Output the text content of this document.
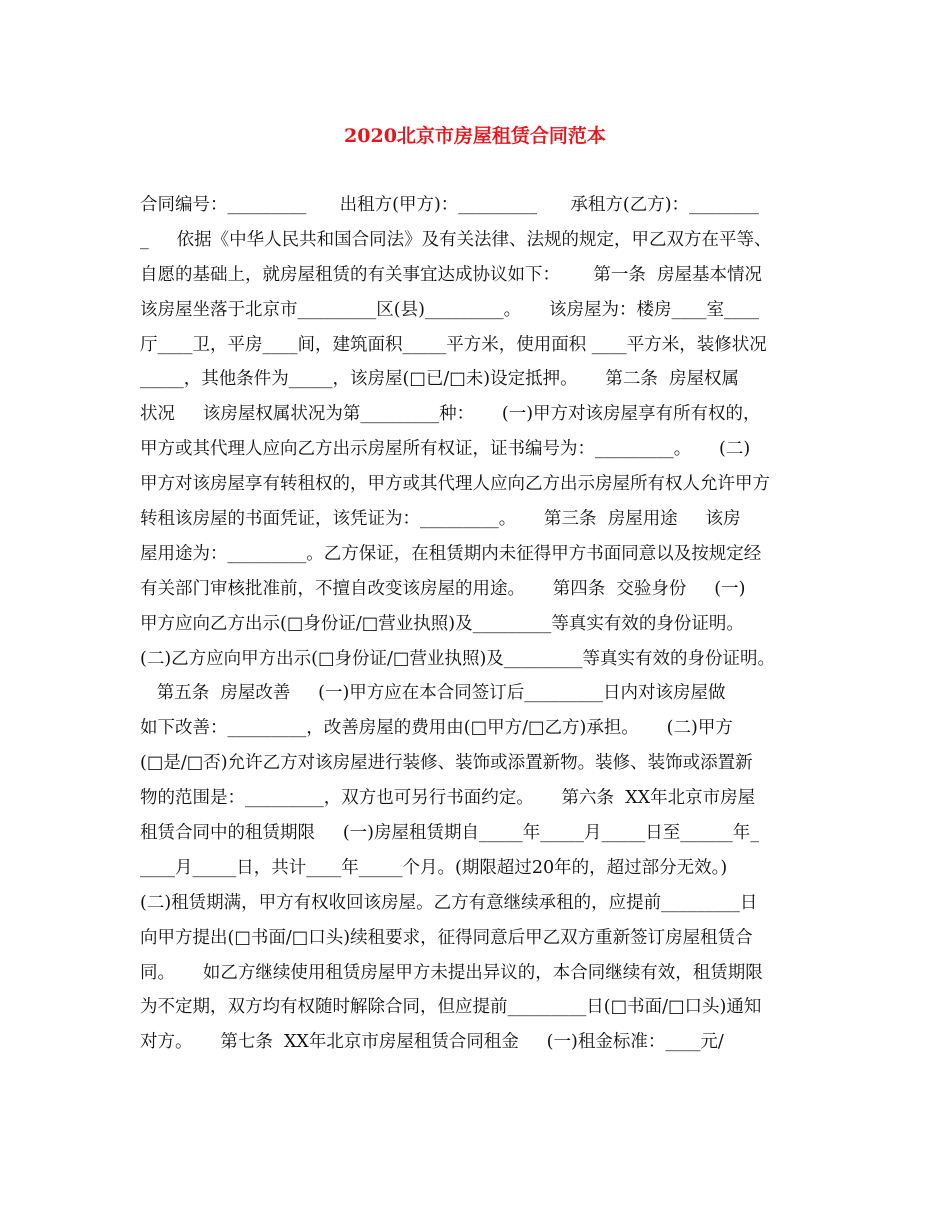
2020北京市房屋租赁合同范本
合同编号：_________      出租方(甲方)：_________      承租方(乙方)：________
_     依据《中华人民共和国合同法》及有关法律、法规的规定，甲乙双方在平等、
自愿的基础上，就房屋租赁的有关事宜达成协议如下：      第一条  房屋基本情况
该房屋坐落于北京市_________区(县)_________。     该房屋为：楼房____室____
厅____卫，平房____间，建筑面积_____平方米，使用面积 ____平方米，装修状况
_____，其他条件为_____，该房屋(□已/□未)设定抵押。     第二条  房屋权属
状况     该房屋权属状况为第_________种：     (一)甲方对该房屋享有所有权的，
甲方或其代理人应向乙方出示房屋所有权证，证书编号为：_________。     (二)
甲方对该房屋享有转租权的，甲方或其代理人应向乙方出示房屋所有权人允许甲方
转租该房屋的书面凭证，该凭证为：_________。     第三条  房屋用途     该房
屋用途为：_________。乙方保证，在租赁期内未征得甲方书面同意以及按规定经
有关部门审核批准前，不擅自改变该房屋的用途。     第四条  交验身份     (一)
甲方应向乙方出示(□身份证/□营业执照)及_________等真实有效的身份证明。
(二)乙方应向甲方出示(□身份证/□营业执照)及_________等真实有效的身份证明。
第五条  房屋改善     (一)甲方应在本合同签订后_________日内对该房屋做
如下改善：_________，改善房屋的费用由(□甲方/□乙方)承担。     (二)甲方
(□是/□否)允许乙方对该房屋进行装修、装饰或添置新物。装修、装饰或添置新
物的范围是：_________，双方也可另行书面约定。     第六条  XX年北京市房屋
租赁合同中的租赁期限     (一)房屋租赁期自_____年_____月_____日至______年_
____月_____日，共计____年_____个月。(期限超过20年的，超过部分无效。)
(二)租赁期满，甲方有权收回该房屋。乙方有意继续承租的，应提前_________日
向甲方提出(□书面/□口头)续租要求，征得同意后甲乙双方重新签订房屋租赁合
同。     如乙方继续使用租赁房屋甲方未提出异议的，本合同继续有效，租赁期限
为不定期，双方均有权随时解除合同，但应提前_________日(□书面/□口头)通知
对方。     第七条  XX年北京市房屋租赁合同租金     (一)租金标准：____元/
